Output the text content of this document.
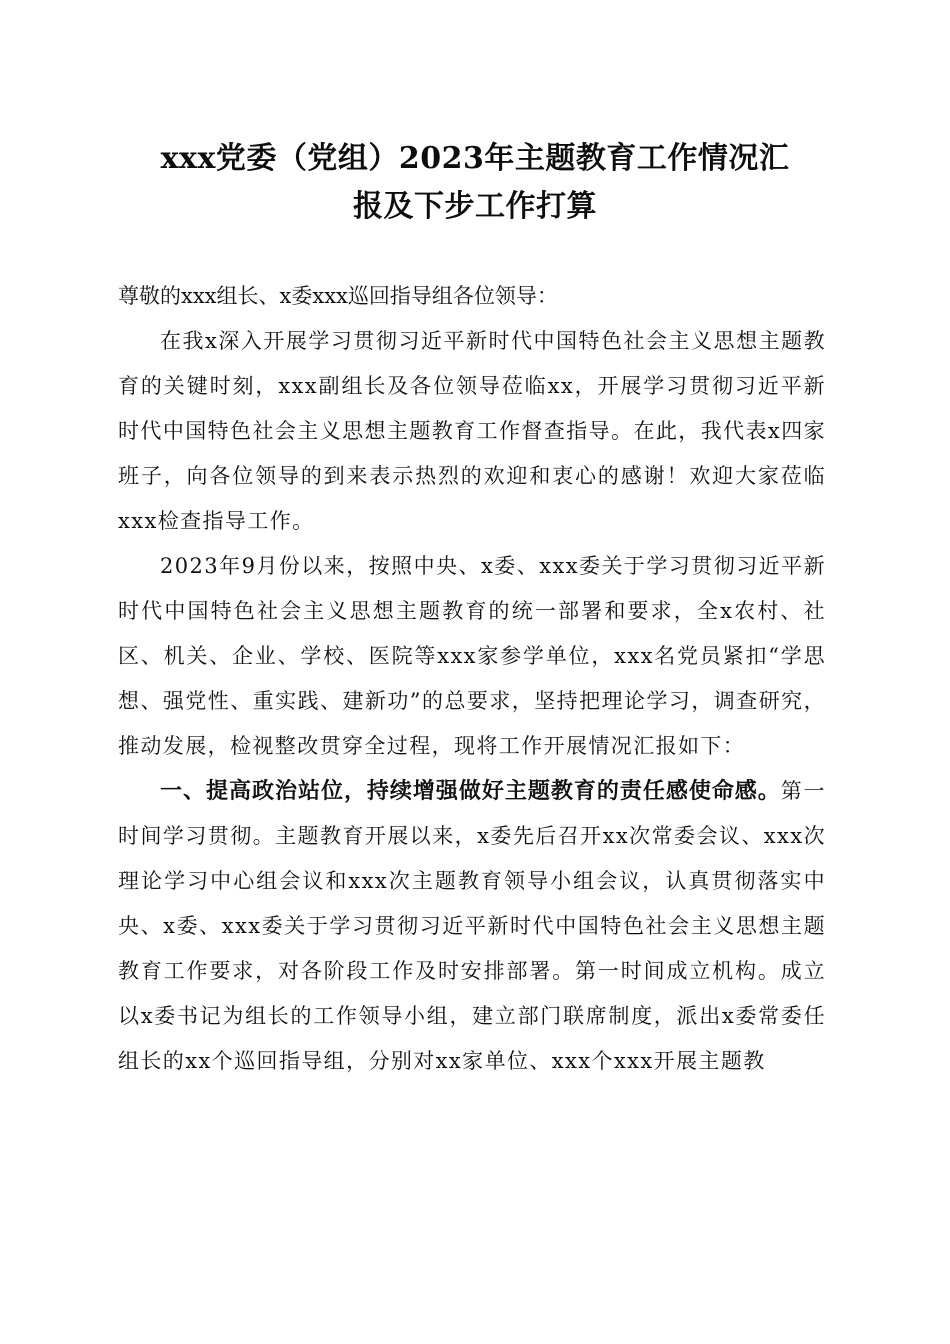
xxx党委（党组）2023年主题教育工作情况汇
报及下步工作打算

尊敬的xxx组长、x委xxx巡回指导组各位领导：

在我x深入开展学习贯彻习近平新时代中国特色社会主义思想主题教育的关键时刻，xxx副组长及各位领导莅临xx，开展学习贯彻习近平新时代中国特色社会主义思想主题教育工作督查指导。在此，我代表x四家班子，向各位领导的到来表示热烈的欢迎和衷心的感谢！欢迎大家莅临xxx检查指导工作。

2023年9月份以来，按照中央、x委、xxx委关于学习贯彻习近平新时代中国特色社会主义思想主题教育的统一部署和要求，全x农村、社区、机关、企业、学校、医院等xxx家参学单位，xxx名党员紧扣“学思想、强党性、重实践、建新功”的总要求，坚持把理论学习，调查研究，推动发展，检视整改贯穿全过程，现将工作开展情况汇报如下：

一、提高政治站位，持续增强做好主题教育的责任感使命感。第一时间学习贯彻。主题教育开展以来，x委先后召开xx次常委会议、xxx次理论学习中心组会议和xxx次主题教育领导小组会议，认真贯彻落实中央、x委、xxx委关于学习贯彻习近平新时代中国特色社会主义思想主题教育工作要求，对各阶段工作及时安排部署。第一时间成立机构。成立以x委书记为组长的工作领导小组，建立部门联席制度，派出x委常委任组长的xx个巡回指导组，分别对xx家单位、xxx个xxx开展主题教
